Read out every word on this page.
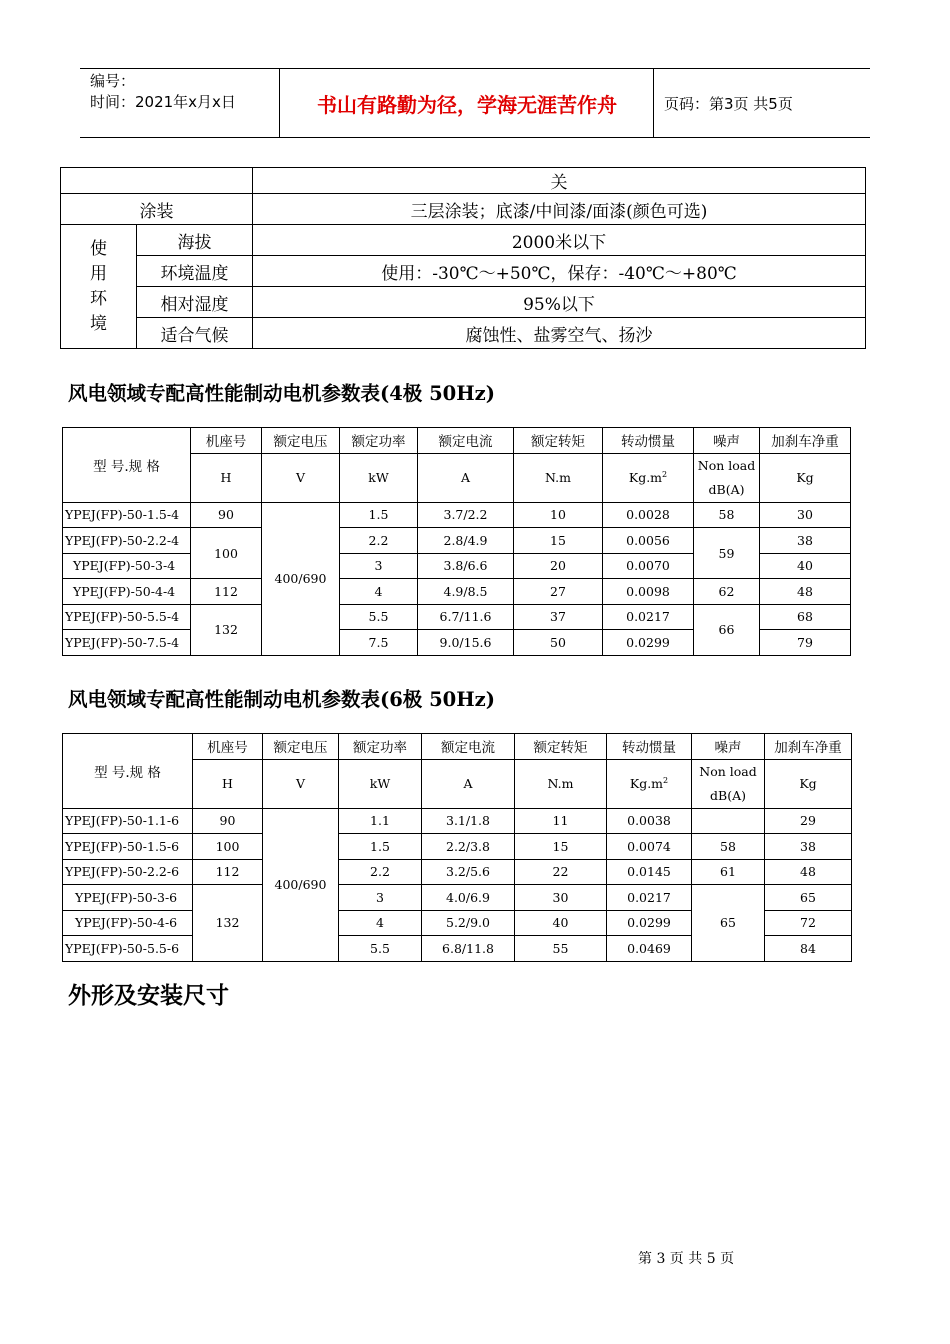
编号：
时间：2021年x月x日	书山有路勤为径，学海无涯苦作舟	页码：第3页 共5页
		关
涂装		三层涂装；底漆/中间漆/面漆(颜色可选)

使
用
环
境	海拔	2000米以下
	环境温度	使用：-30℃～+50℃，保存：-40℃～+80℃
	相对湿度	95%以下
	适合气候	腐蚀性、盐雾空气、扬沙
风电领域专配高性能制动电机参数表(4极 50Hz)
型 号.规 格	机座号	额定电压	额定功率	额定电流	额定转矩	转动惯量	噪声	加刹车净重
	H	V	kW	A	N.m	$Kg.m^2$	Non load dB(A)	Kg
YPEJ(FP)-50-1.5-4	90	400/690	1.5	3.7/2.2	10	0.0028	58	30
YPEJ(FP)-50-2.2-4	100		2.2	2.8/4.9	15	0.0056	59	38
YPEJ(FP)-50-3-4			3	3.8/6.6	20	0.0070		40
YPEJ(FP)-50-4-4	112		4	4.9/8.5	27	0.0098	62	48
YPEJ(FP)-50-5.5-4	132		5.5	6.7/11.6	37	0.0217	66	68
YPEJ(FP)-50-7.5-4			7.5	9.0/15.6	50	0.0299		79
风电领域专配高性能制动电机参数表(6极 50Hz)
型 号.规 格	机座号	额定电压	额定功率	额定电流	额定转矩	转动惯量	噪声	加刹车净重
	H	V	kW	A	N.m	$Kg.m^2$	Non load dB(A)	Kg
YPEJ(FP)-50-1.1-6	90	400/690	1.1	3.1/1.8	11	0.0038		29
YPEJ(FP)-50-1.5-6	100		1.5	2.2/3.8	15	0.0074	58	38
YPEJ(FP)-50-2.2-6	112		2.2	3.2/5.6	22	0.0145	61	48
YPEJ(FP)-50-3-6	132		3	4.0/6.9	30	0.0217	65	65
YPEJ(FP)-50-4-6			4	5.2/9.0	40	0.0299		72
YPEJ(FP)-50-5.5-6			5.5	6.8/11.8	55	0.0469		84
外形及安装尺寸
第 3 页 共 5 页
